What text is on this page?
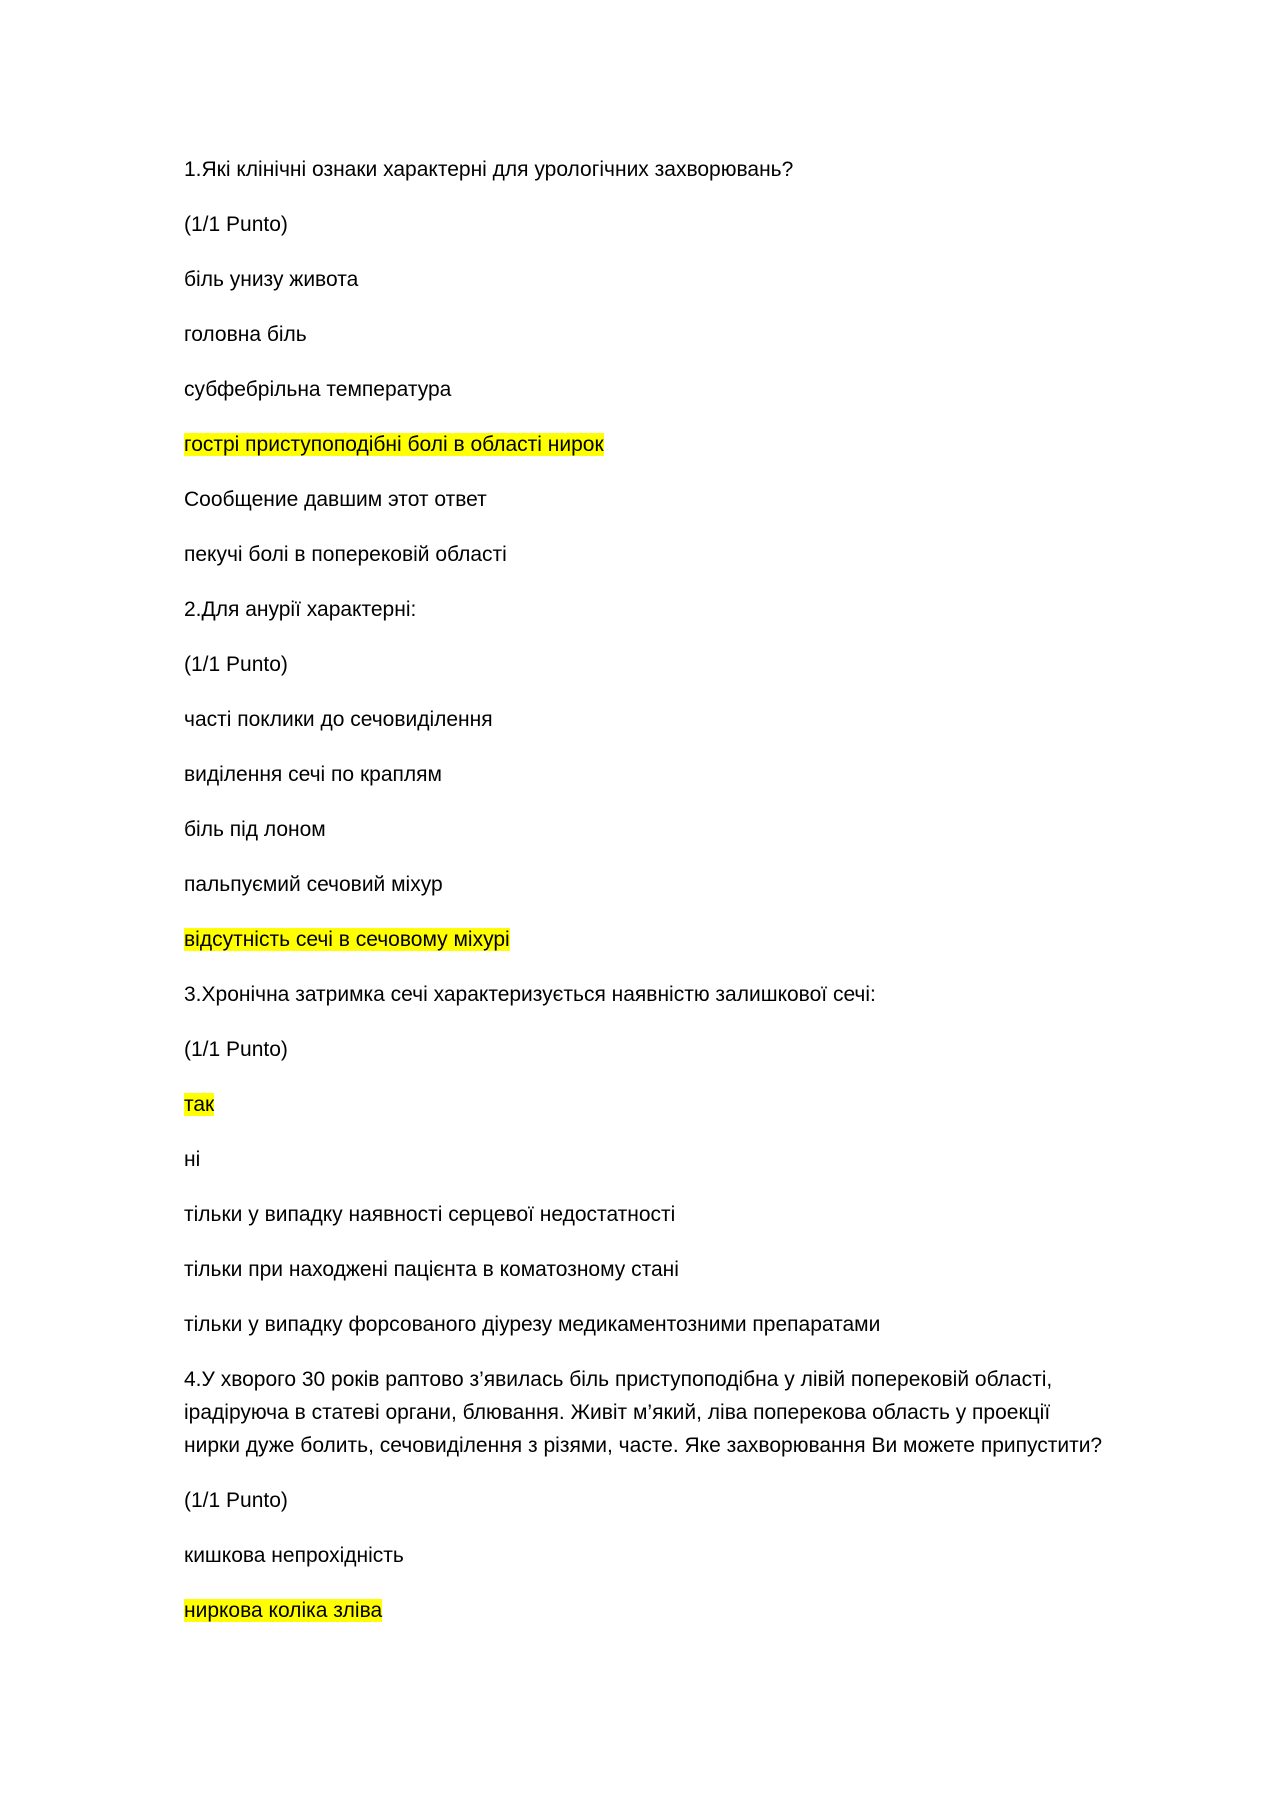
1.Які клінічні ознаки характерні для урологічних захворювань?

(1/1 Punto)

біль унизу живота

головна біль

субфебрільна температура

гострі приступоподібні болі в області нирок

Сообщение давшим этот ответ

пекучі болі в поперековій області

2.Для анурії характерні:

(1/1 Punto)

часті поклики до сечовиділення

виділення сечі по краплям

біль під лоном

пальпуємий сечовий міхур

відсутність сечі в сечовому міхурі

3.Хронічна затримка сечі характеризується наявністю залишкової сечі:

(1/1 Punto)

так

ні

тільки у випадку наявності серцевої недостатності

тільки при находжені пацієнта в коматозному стані

тільки у випадку форсованого діурезу медикаментозними препаратами

4.У хворого 30 років раптово з’явилась біль приступоподібна у лівій поперековій області, ірадіруюча в статеві органи, блювання. Живіт м’який, ліва поперекова область у проекції нирки дуже болить, сечовиділення з різями, часте. Яке захворювання Ви можете припустити?

(1/1 Punto)

кишкова непрохідність

ниркова коліка зліва
